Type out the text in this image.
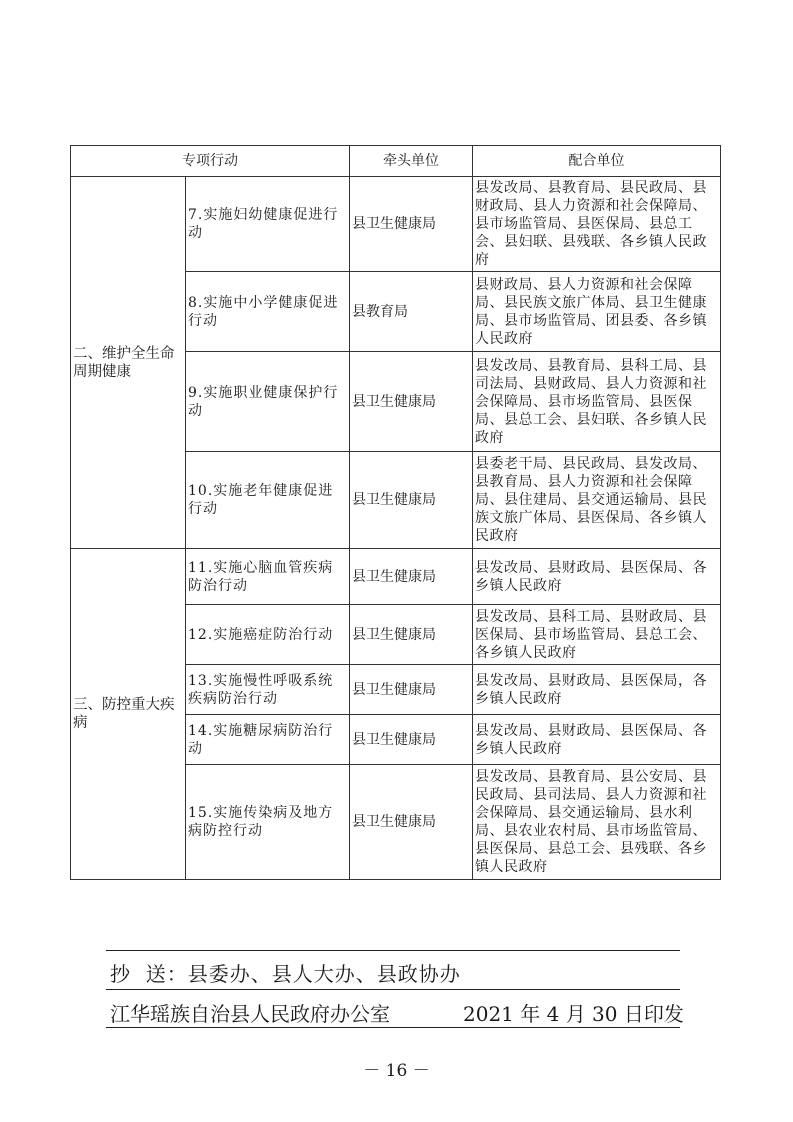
专项行动		牵头单位	配合单位
二、维护全生命周期健康	7.实施妇幼健康促进行动	县卫生健康局	县发改局、县教育局、县民政局、县财政局、县人力资源和社会保障局、县市场监管局、县医保局、县总工会、县妇联、县残联、各乡镇人民政府
	8.实施中小学健康促进行动	县教育局	县财政局、县人力资源和社会保障局、县民族文旅广体局、县卫生健康局、县市场监管局、团县委、各乡镇人民政府
	9.实施职业健康保护行动	县卫生健康局	县发改局、县教育局、县科工局、县司法局、县财政局、县人力资源和社会保障局、县市场监管局、县医保局、县总工会、县妇联、各乡镇人民政府
	10.实施老年健康促进行动	县卫生健康局	县委老干局、县民政局、县发改局、县教育局、县人力资源和社会保障局、县住建局、县交通运输局、县民族文旅广体局、县医保局、各乡镇人民政府
三、防控重大疾病	11.实施心脑血管疾病防治行动	县卫生健康局	县发改局、县财政局、县医保局、各乡镇人民政府
	12.实施癌症防治行动	县卫生健康局	县发改局、县科工局、县财政局、县医保局、县市场监管局、县总工会、各乡镇人民政府
	13.实施慢性呼吸系统疾病防治行动	县卫生健康局	县发改局、县财政局、县医保局，各乡镇人民政府
	14.实施糖尿病防治行动	县卫生健康局	县发改局、县财政局、县医保局、各乡镇人民政府
	15.实施传染病及地方病防控行动	县卫生健康局	县发改局、县教育局、县公安局、县民政局、县司法局、县人力资源和社会保障局、县交通运输局、县水利局、县农业农村局、县市场监管局、县医保局、县总工会、县残联、各乡镇人民政府
抄  送：县委办、县人大办、县政协办
江华瑶族自治县人民政府办公室	2021 年 4 月 30 日印发
－ 16 －
